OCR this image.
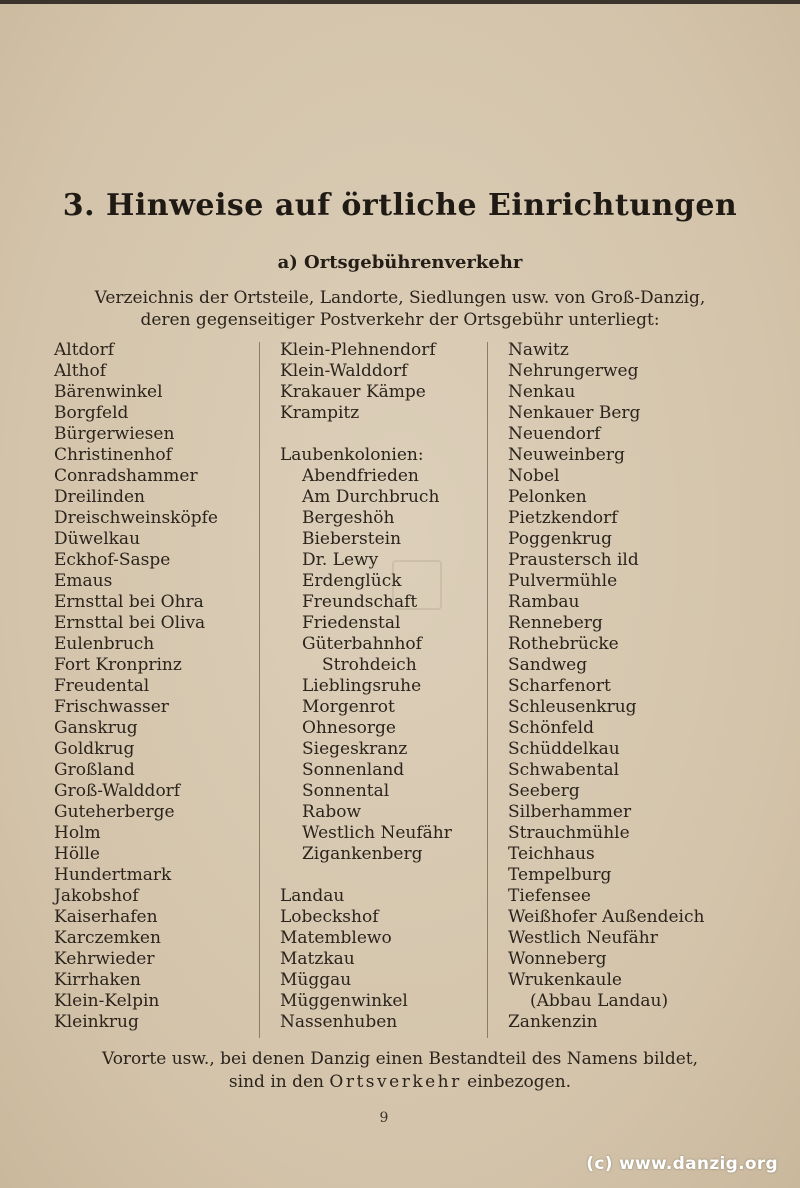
3. Hinweise auf örtliche Einrichtungen
a) Ortsgebührenverkehr
Verzeichnis der Ortsteile, Landorte, Siedlungen usw. von Groß-Danzig,
deren gegenseitiger Postverkehr der Ortsgebühr unterliegt:
Altdorf
Althof
Bärenwinkel
Borgfeld
Bürgerwiesen
Christinenhof
Conradshammer
Dreilinden
Dreischweinsköpfe
Düwelkau
Eckhof-Saspe
Emaus
Ernsttal bei Ohra
Ernsttal bei Oliva
Eulenbruch
Fort Kronprinz
Freudental
Frischwasser
Ganskrug
Goldkrug
Großland
Groß-Walddorf
Guteherberge
Holm
Hölle
Hundertmark
Jakobshof
Kaiserhafen
Karczemken
Kehrwieder
Kirrhaken
Klein-Kelpin
Kleinkrug
Klein-Plehnendorf
Klein-Walddorf
Krakauer Kämpe
Krampitz
Laubenkolonien:
Abendfrieden
Am Durchbruch
Bergeshöh
Bieberstein
Dr. Lewy
Erdenglück
Freundschaft
Friedenstal
Güterbahnhof
Strohdeich
Lieblingsruhe
Morgenrot
Ohnesorge
Siegeskranz
Sonnenland
Sonnental
Rabow
Westlich Neufähr
Zigankenberg
Landau
Lobeckshof
Matemblewo
Matzkau
Müggau
Müggenwinkel
Nassenhuben
Nawitz
Nehrungerweg
Nenkau
Nenkauer Berg
Neuendorf
Neuweinberg
Nobel
Pelonken
Pietzkendorf
Poggenkrug
Praustersch ild
Pulvermühle
Rambau
Renneberg
Rothebrücke
Sandweg
Scharfenort
Schleusenkrug
Schönfeld
Schüddelkau
Schwabental
Seeberg
Silberhammer
Strauchmühle
Teichhaus
Tempelburg
Tiefensee
Weißhofer Außendeich
Westlich Neufähr
Wonneberg
Wrukenkaule
(Abbau Landau)
Zankenzin
Vororte usw., bei denen Danzig einen Bestandteil des Namens bildet,
sind in den Ortsverkehr einbezogen.
9
(c) www.danzig.org
